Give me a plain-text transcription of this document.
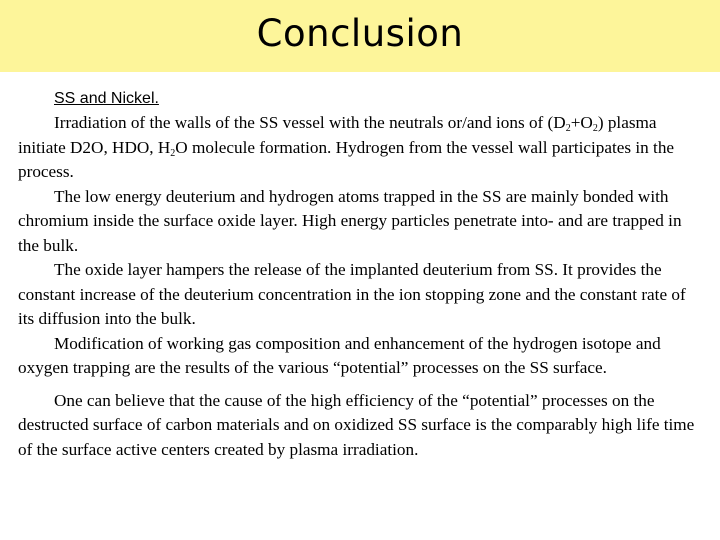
Conclusion
SS and Nickel.

Irradiation of the walls of the SS vessel with the neutrals or/and ions of $(D_2+O_2)$ plasma initiate D2O, HDO, $H_2O$ molecule formation. Hydrogen from the vessel wall participates in the process.

The low energy deuterium and hydrogen atoms trapped in the SS are mainly bonded with chromium inside the surface oxide layer. High energy particles penetrate into- and are trapped in the bulk.

The oxide layer hampers the release of the implanted deuterium from SS. It provides the constant increase of the deuterium concentration in the ion stopping zone and the constant rate of its diffusion into the bulk.

Modification of working gas composition and enhancement of the hydrogen isotope and oxygen trapping are the results of the various “potential” processes on the SS surface.

One can believe that the cause of the high efficiency of the “potential” processes on the destructed surface of carbon materials and on oxidized SS surface is the comparably high life time of the surface active centers created by plasma irradiation.
